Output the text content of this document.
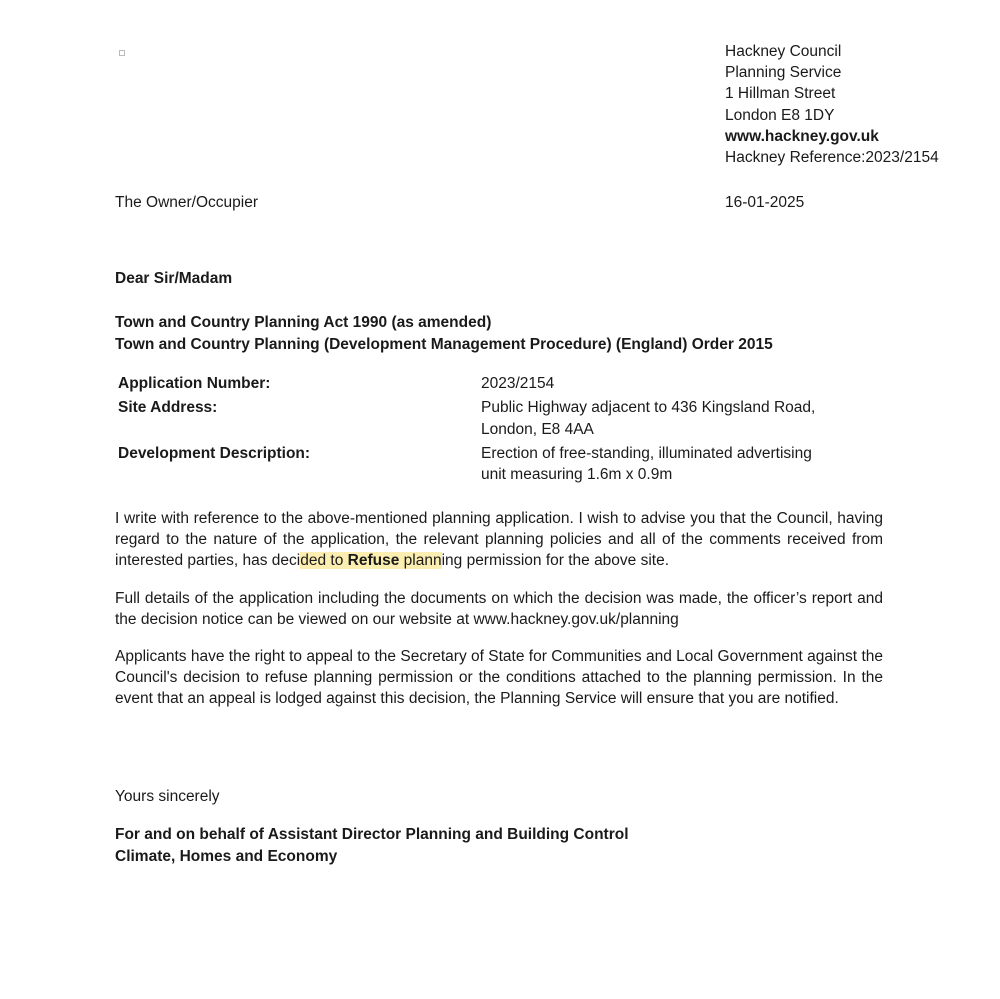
Hackney Council
Planning Service
1 Hillman Street
London E8 1DY
www.hackney.gov.uk
Hackney Reference:2023/2154
The Owner/Occupier	16-01-2025
Dear Sir/Madam
Town and Country Planning Act 1990 (as amended)
Town and Country Planning (Development Management Procedure) (England) Order 2015
Application Number:	2023/2154
Site Address:	Public Highway adjacent to 436 Kingsland Road, London, E8 4AA
Development Description:	Erection of free-standing, illuminated advertising unit measuring 1.6m x 0.9m
I write with reference to the above-mentioned planning application. I wish to advise you that the Council, having regard to the nature of the application, the relevant planning policies and all of the comments received from interested parties, has decided to Refuse planning permission for the above site.
Full details of the application including the documents on which the decision was made, the officer’s report and the decision notice can be viewed on our website at www.hackney.gov.uk/planning
Applicants have the right to appeal to the Secretary of State for Communities and Local Government against the Council's decision to refuse planning permission or the conditions attached to the planning permission. In the event that an appeal is lodged against this decision, the Planning Service will ensure that you are notified.
Yours sincerely
For and on behalf of Assistant Director Planning and Building Control
Climate, Homes and Economy
